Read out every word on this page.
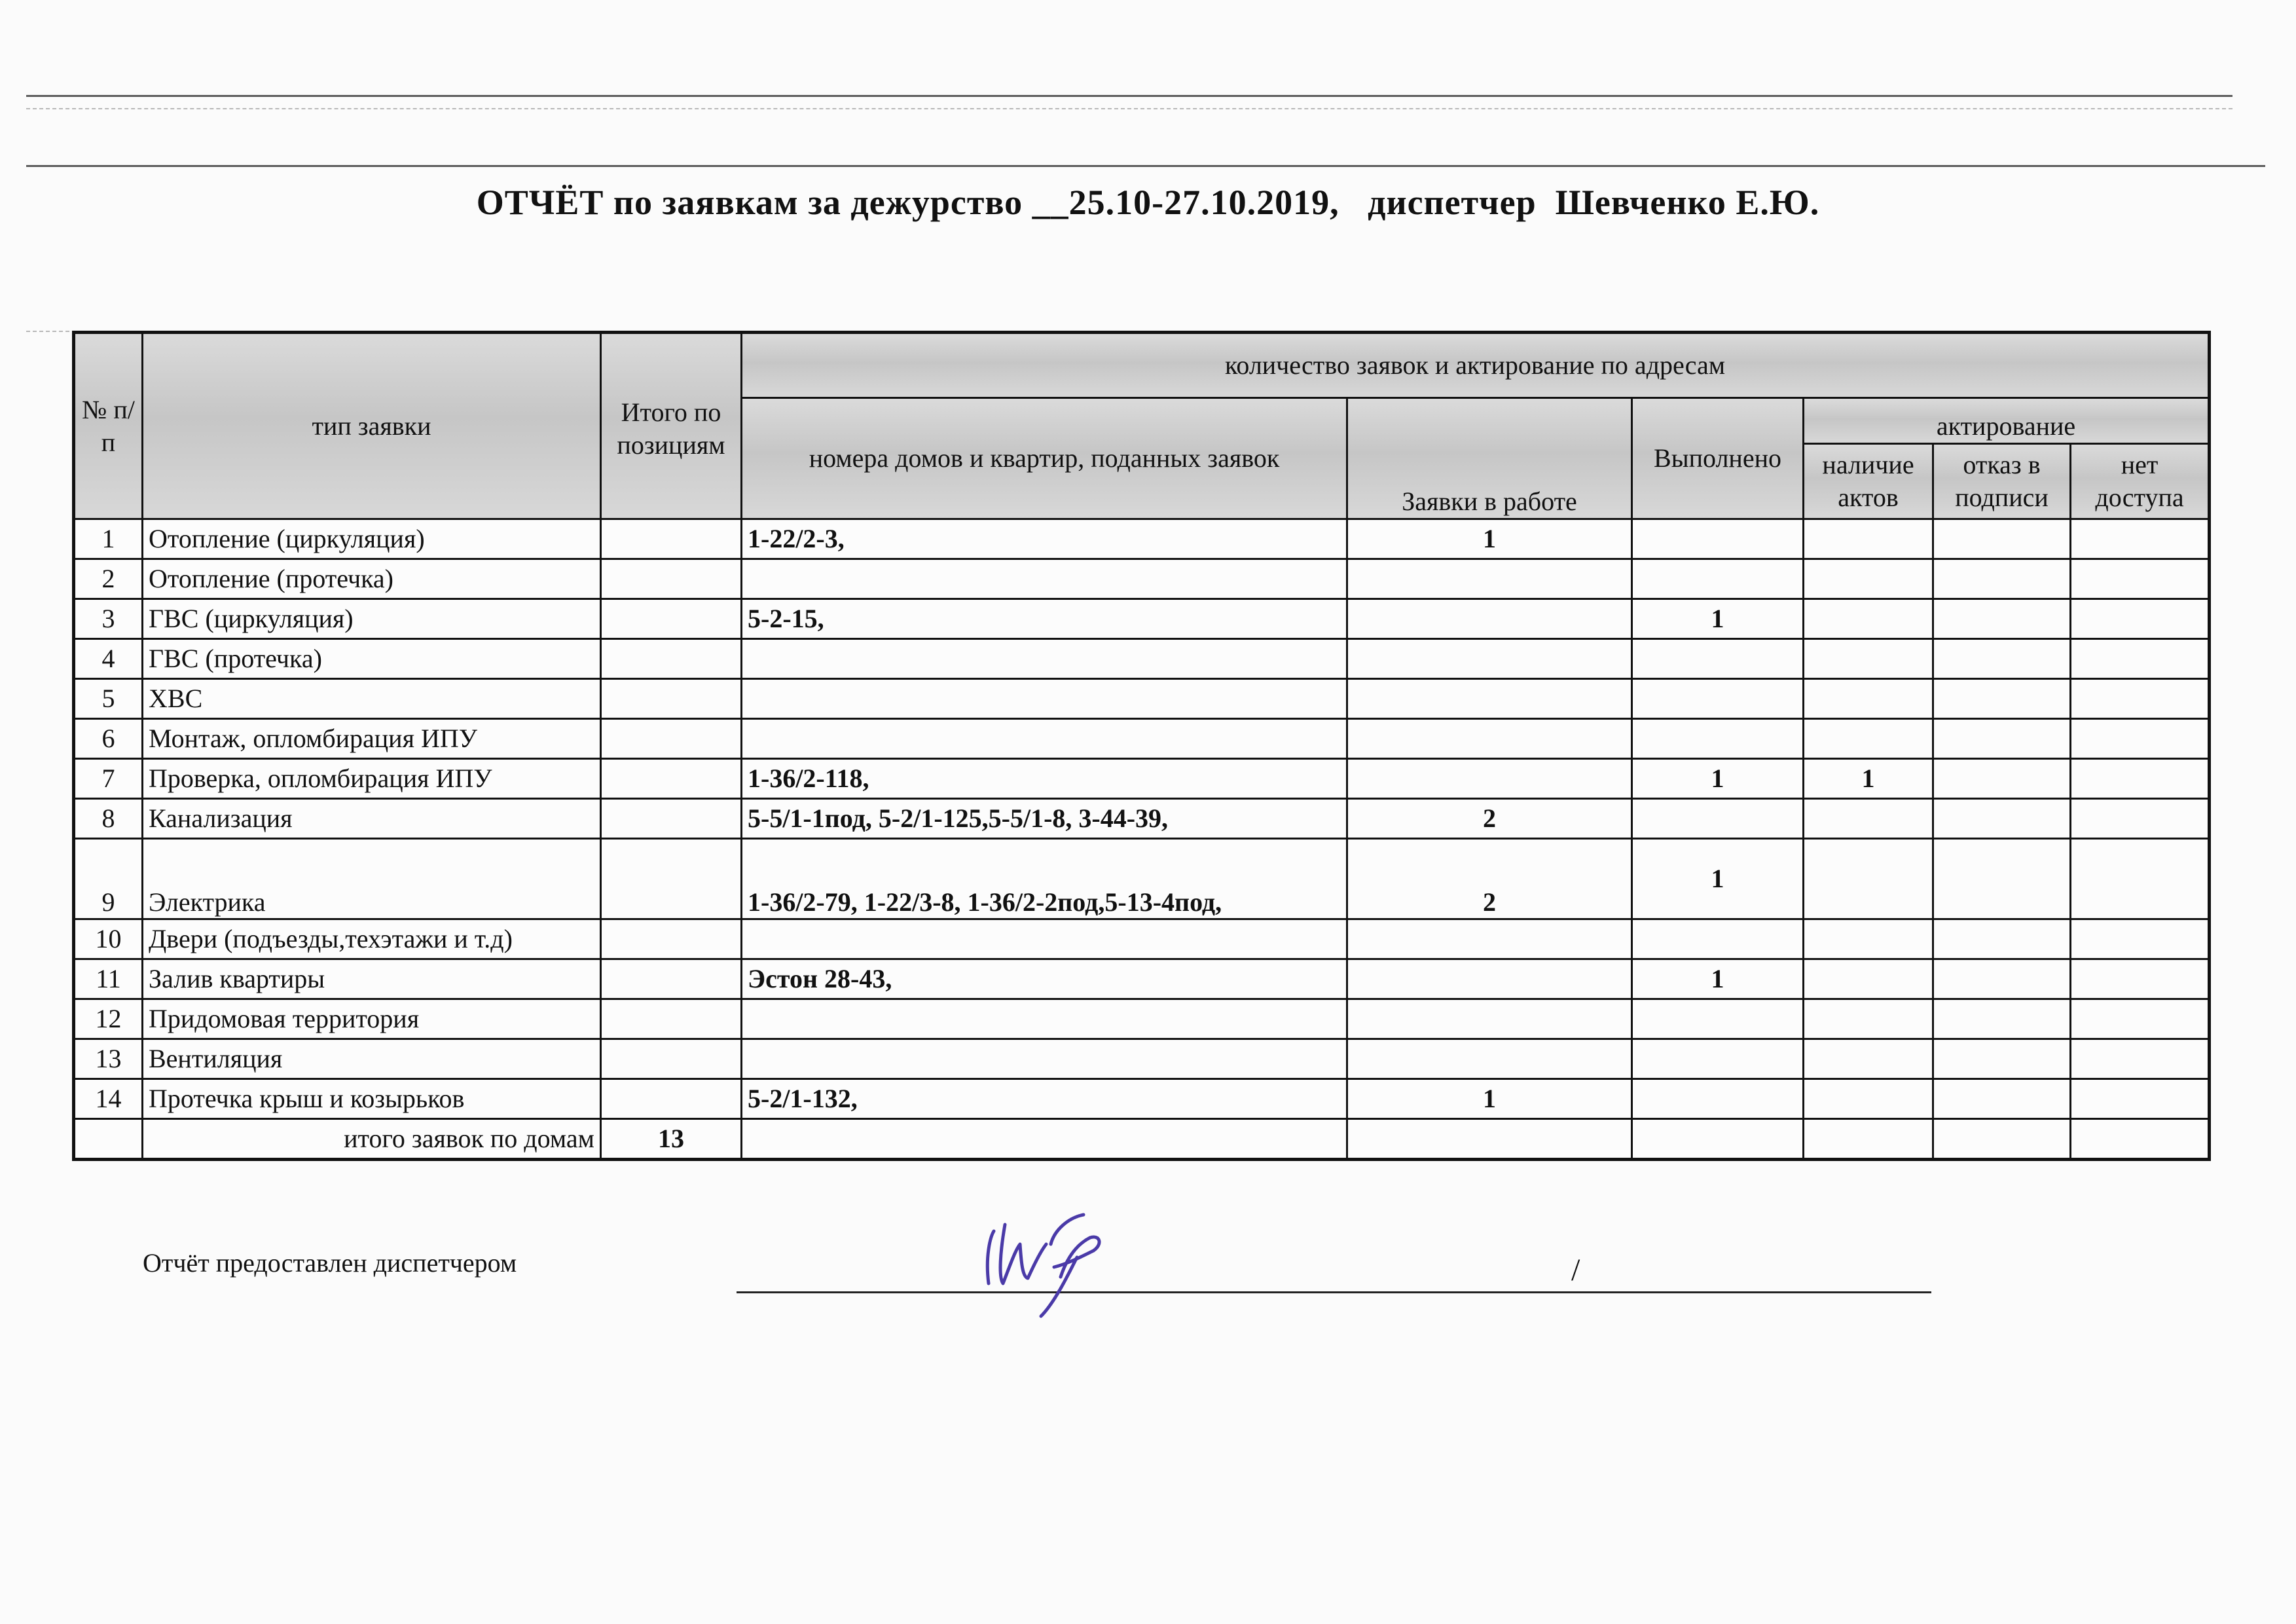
ОТЧЁТ по заявкам за дежурство __25.10-27.10.2019,   диспетчер  Шевченко Е.Ю.
№ п/п	тип заявки	Итого по позициям	количество заявок и актирование по адресам					
			номера домов и квартир, поданных заявок	Заявки в работе	Выполнено	актирование		
						наличие актов	отказ в подписи	нет доступа
1	Отопление (циркуляция)		1-22/2-3,	1				
2	Отопление (протечка)							
3	ГВС (циркуляция)		5-2-15,		1			
4	ГВС (протечка)							
5	ХВС							
6	Монтаж, опломбирация ИПУ							
7	Проверка, опломбирация ИПУ		1-36/2-118,		1	1		
8	Канализация		5-5/1-1под, 5-2/1-125,5-5/1-8, 3-44-39,	2				
9	Электрика		1-36/2-79, 1-22/3-8, 1-36/2-2под,5-13-4под,	2	1			
10	Двери (подъезды,техэтажи и т.д)							
11	Залив квартиры		Эстон 28-43,		1			
12	Придомовая территория							
13	Вентиляция							
14	Протечка крыш и козырьков		5-2/1-132,	1				
	итого заявок по домам	13						
Отчёт предоставлен диспетчером	/
